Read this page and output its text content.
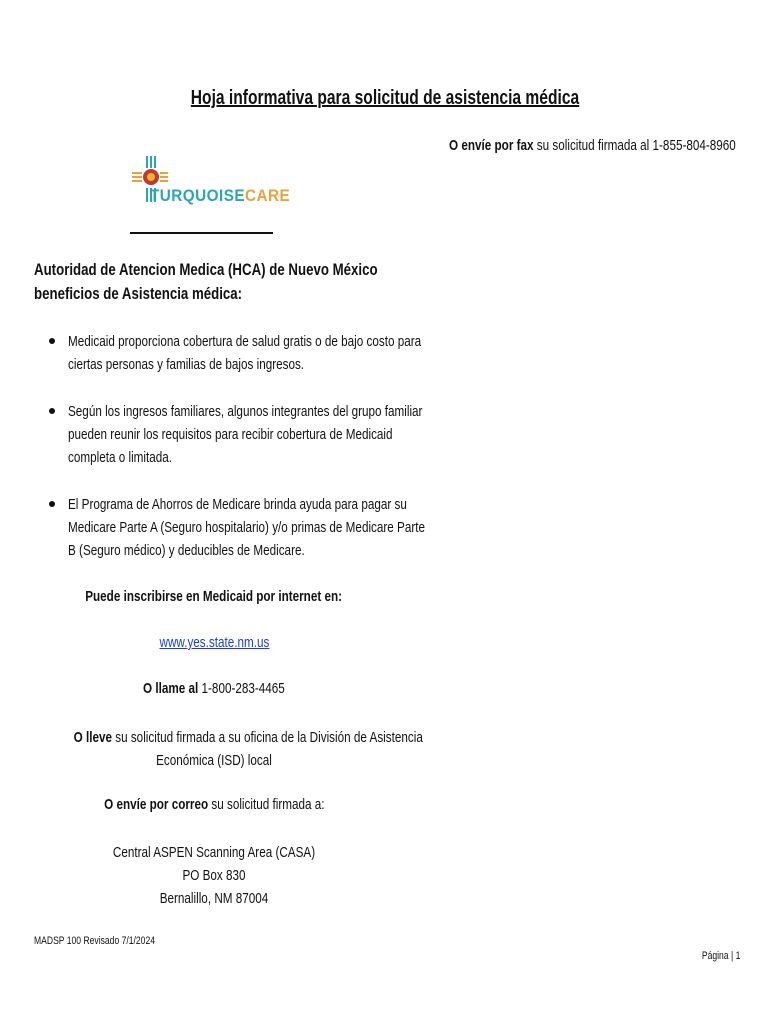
Hoja informativa para solicitud de asistencia médica
O envíe por fax su solicitud firmada al 1-855-804-8960
TURQUOISECARE
Autoridad de Atencion Medica (HCA) de Nuevo México
beneficios de Asistencia médica:
Medicaid proporciona cobertura de salud gratis o de bajo costo para
ciertas personas y familias de bajos ingresos.
Según los ingresos familiares, algunos integrantes del grupo familiar
pueden reunir los requisitos para recibir cobertura de Medicaid
completa o limitada.
El Programa de Ahorros de Medicare brinda ayuda para pagar su
Medicare Parte A (Seguro hospitalario) y/o primas de Medicare Parte
B (Seguro médico) y deducibles de Medicare.
Puede inscribirse en Medicaid por internet en:
www.yes.state.nm.us
O llame al 1-800-283-4465
O lleve su solicitud firmada a su oficina de la División de Asistencia
Económica (ISD) local
O envíe por correo su solicitud firmada a:
Central ASPEN Scanning Area (CASA)
PO Box 830
Bernalillo, NM 87004
MADSP 100 Revisado 7/1/2024
Página | 1
